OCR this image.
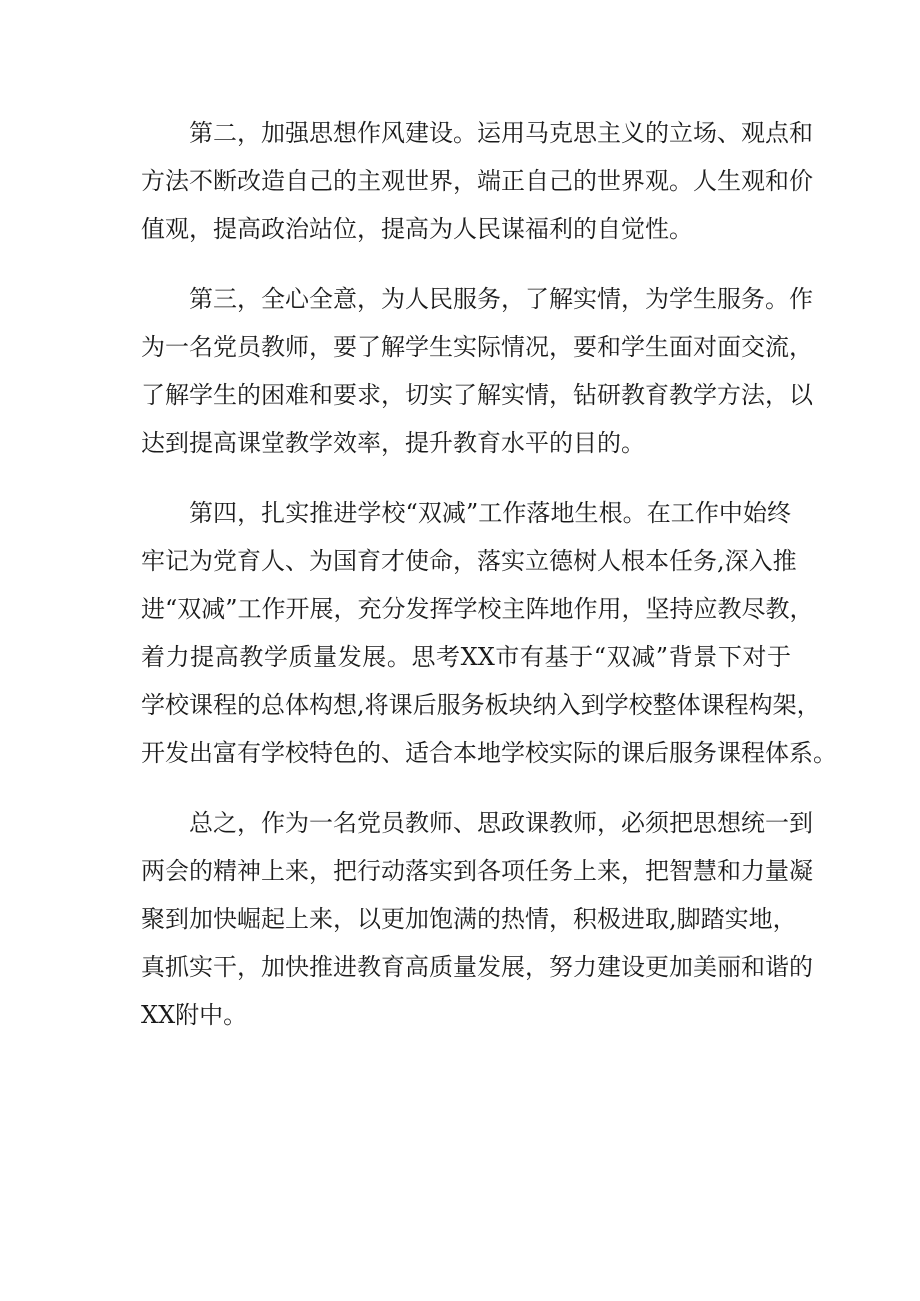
第二，加强思想作风建设。运用马克思主义的立场、观点和
方法不断改造自己的主观世界，端正自己的世界观。人生观和价
值观，提高政治站位，提高为人民谋福利的自觉性。

第三，全心全意，为人民服务，了解实情，为学生服务。作
为一名党员教师，要了解学生实际情况，要和学生面对面交流，
了解学生的困难和要求，切实了解实情，钻研教育教学方法，以
达到提高课堂教学效率，提升教育水平的目的。

第四，扎实推进学校“双减”工作落地生根。在工作中始终
牢记为党育人、为国育才使命，落实立德树人根本任务,深入推
进“双减”工作开展，充分发挥学校主阵地作用，坚持应教尽教，
着力提高教学质量发展。思考XX市有基于“双减”背景下对于
学校课程的总体构想,将课后服务板块纳入到学校整体课程构架，
开发出富有学校特色的、适合本地学校实际的课后服务课程体系。

总之，作为一名党员教师、思政课教师，必须把思想统一到
两会的精神上来，把行动落实到各项任务上来，把智慧和力量凝
聚到加快崛起上来，以更加饱满的热情，积极进取,脚踏实地，
真抓实干，加快推进教育高质量发展，努力建设更加美丽和谐的
XX附中。
